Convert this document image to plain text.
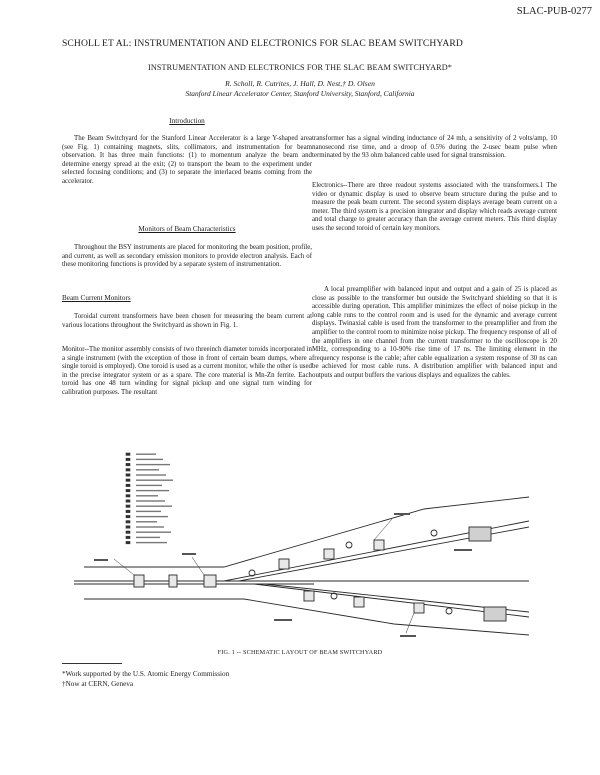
SLAC-PUB-0277
SCHOLL ET AL: INSTRUMENTATION AND ELECTRONICS FOR SLAC BEAM SWITCHYARD
INSTRUMENTATION AND ELECTRONICS FOR THE SLAC BEAM SWITCHYARD*
R. Scholl, R. Cutrites, J. Hall, D. Nest,† D. Olsen
Stanford Linear Accelerator Center, Stanford University, Stanford, California
Introduction
The Beam Switchyard for the Stanford Linear Accelerator is a large Y-shaped area (see Fig. 1) containing magnets, slits, collimators, and instrumentation for beam observation. It has three main functions: (1) to momentum analyze the beam and determine energy spread at the exit; (2) to transport the beam to the experiment under selected focusing conditions; and (3) to separate the interlaced beams coming from the accelerator.
Monitors of Beam Characteristics
Throughout the BSY instruments are placed for monitoring the beam position, profile, and current, as well as secondary emission monitors to provide electron analysis. Each of these monitoring functions is provided by a separate system of instrumentation.
Beam Current Monitors
Toroidal current transformers have been chosen for measuring the beam current at various locations throughout the Switchyard as shown in Fig. 1.
Monitor--The monitor assembly consists of two threeinch diameter toroids incorporated in a single instrument (with the exception of those in front of certain beam dumps, where a single toroid is employed). One toroid is used as a current monitor, while the other is used in the precise integrator system or as a spare. The core material is Mn-Zn ferrite. Each toroid has one 48 turn winding for signal pickup and one signal turn winding for calibration purposes. The resultant
transformer has a signal winding inductance of 24 mh, a sensitivity of 2 volts/amp, 10 nanosecond rise time, and a droop of 0.5% during the 2-usec beam pulse when terminated by the 93 ohm balanced cable used for signal transmission.
Electronics--There are three readout systems associated with the transformers.1 The video or dynamic display is used to observe beam structure during the pulse and to measure the peak beam current. The second system displays average beam current on a meter. The third system is a precision integrator and display which reads average current and total charge to greater accuracy than the average current meters. This third display uses the second toroid of certain key monitors.
A local preamplifier with balanced input and output and a gain of 25 is placed as close as possible to the transformer but outside the Switchyard shielding so that it is accessible during operation. This amplifier minimizes the effect of noise pickup in the long cable runs to the control room and is used for the dynamic and average current displays. Twinaxial cable is used from the transformer to the preamplifier and from the amplifier to the control room to minimize noise pickup. The frequency response of all of the amplifiers in one channel from the current transformer to the oscilloscope is 20 MHz, corresponding to a 10-90% rise time of 17 ns. The limiting element in the frequency response is the cable; after cable equalization a system response of 30 ns can be achieved for most cable runs. A distribution amplifier with balanced input and outputs and output buffers the various displays and equalizes the cables.
FIG. 1 -- SCHEMATIC LAYOUT OF BEAM SWITCHYARD
*Work supported by the U.S. Atomic Energy Commission
†Now at CERN, Geneva
